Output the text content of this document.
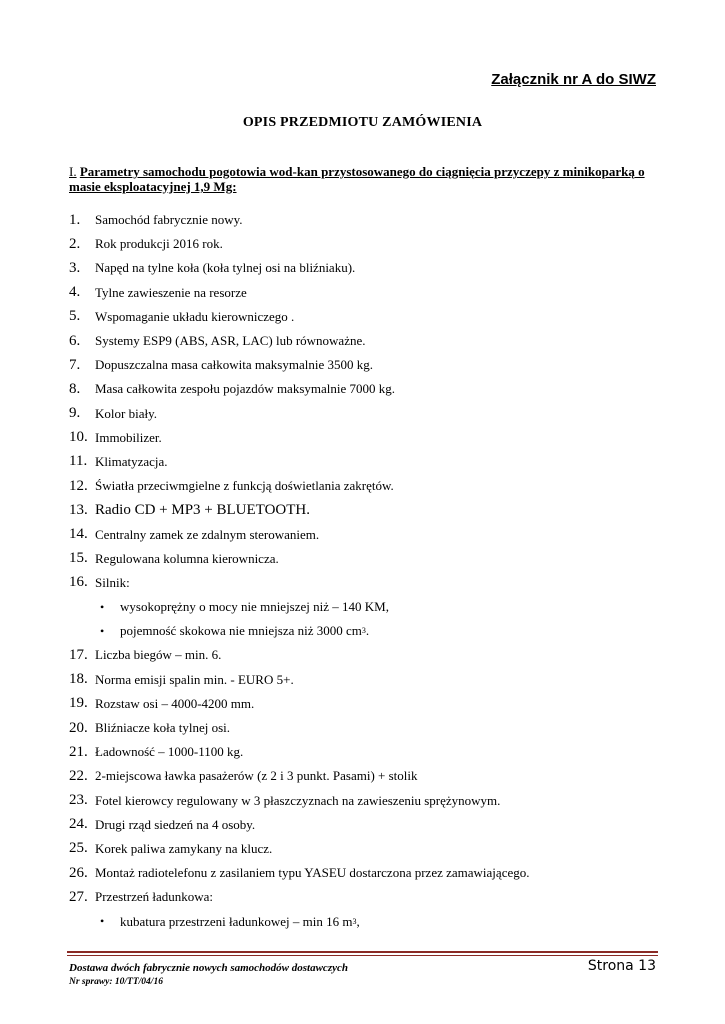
Załącznik nr A do SIWZ
OPIS PRZEDMIOTU ZAMÓWIENIA
I. Parametry samochodu pogotowia wod-kan przystosowanego do ciągnięcia przyczepy z minikoparką o masie eksploatacyjnej 1,9 Mg:
1.	Samochód fabrycznie nowy.
2.	Rok produkcji 2016 rok.
3.	Napęd na tylne koła (koła tylnej osi na bliźniaku).
4.	Tylne zawieszenie na resorze
5.	Wspomaganie układu kierowniczego .
6.	Systemy ESP9 (ABS, ASR, LAC) lub równoważne.
7.	Dopuszczalna masa całkowita maksymalnie 3500 kg.
8.	Masa całkowita zespołu pojazdów maksymalnie 7000 kg.
9.	Kolor biały.
10. Immobilizer.
11. Klimatyzacja.
12. Światła przeciwmgielne z funkcją doświetlania zakrętów.
13. Radio CD + MP3 + BLUETOOTH.
14. Centralny zamek ze zdalnym sterowaniem.
15. Regulowana kolumna kierownicza.
16. Silnik:
•	wysokoprężny o mocy nie mniejszej niż – 140 KM,
•	pojemność skokowa nie mniejsza niż 3000 cm 3 .
17. Liczba biegów – min. 6.
18. Norma emisji spalin min. - EURO 5+.
19. Rozstaw osi – 4000-4200 mm.
20. Bliźniacze koła tylnej osi.
21. Ładowność – 1000-1100 kg.
22. 2-miejscowa ławka pasażerów (z 2 i 3 punkt. Pasami) + stolik
23. Fotel kierowcy regulowany w 3 płaszczyznach na zawieszeniu sprężynowym.
24. Drugi rząd siedzeń na 4 osoby.
25. Korek paliwa zamykany na klucz.
26. Montaż radiotelefonu z zasilaniem typu YASEU dostarczona przez zamawiającego.
27. Przestrzeń ładunkowa:
•	kubatura przestrzeni ładunkowej – min 16 m 3 ,
Dostawa dwóch fabrycznie nowych samochodów dostawczych
Nr sprawy: 10/TT/04/16
Strona 13
